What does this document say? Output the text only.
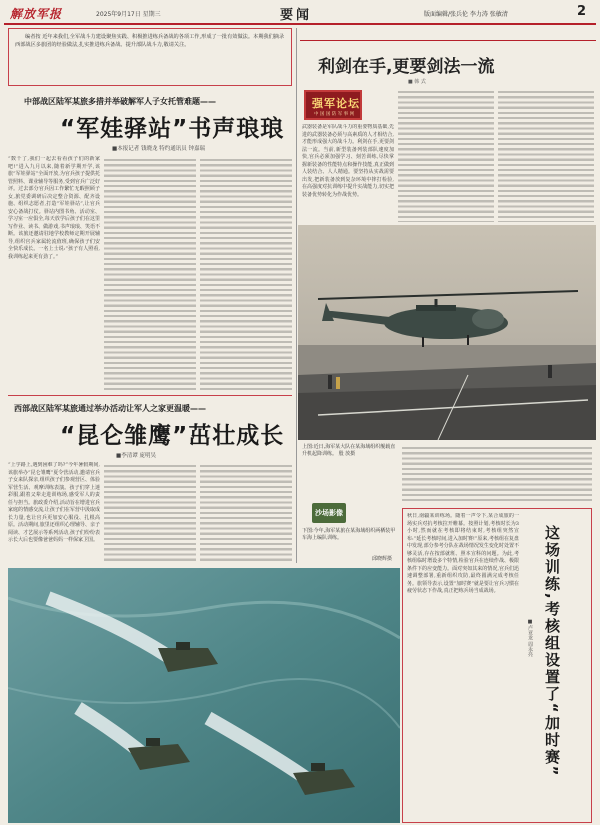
解放军报	2025年9月17日 星期三	要闻	版面编辑/张兵伦 李力涛 张敏清	2

编者按 近年来我们,全军战斗力建设聚焦实践、积极推进练兵备战的各项工作,形成了一批有效做法。本期我们摘录西部战区多旅团的经验做法,扎实推进练兵备战、提升部队战斗力,敬请关注。

中部战区陆军某旅多措并举破解军人子女托管难题——
“军娃驿站”书声琅琅
■本报记者 钱晓龙 特约通讯员 钟嘉瑞
“数千了,我们一起去看看孩子们的新家吧!”进入九月以来,随着新学期开学,该旅“军娃驿站”全面开放,为官兵孩子提供托管照料、课业辅导等服务,受到官兵广泛好评。过去部分官兵因工作繁忙无暇照顾子女,旅党委调研后决定整合资源、配齐设施、组织志愿者,打造“军娃驿站”,让官兵安心备战打仗。驿站内图书角、活动室、学习室一应俱全,每天放学后孩子们在这里写作业、读书、做游戏,书声琅琅、笑语不断。该旅还邀请驻地学校教师定期开展辅导,组织官兵家属轮流值班,确保孩子们安全快乐成长。一名上士说:“孩子有人照看,我训练起来更有劲了。”
西部战区陆军某旅通过举办活动让军人之家更温暖——
“昆仑雏鹰”茁壮成长
■李清谭 庞明吴
“上学路上,遇到困难了吗?”今年暑假期间,该旅举办“昆仑雏鹰”夏令营活动,邀请官兵子女来队探亲,组织孩子们参观营区、体验军营生活、观摩训练表演。孩子们穿上迷彩服,跟着父辈走进训练场,感受军人的责任与担当。旅政委介绍,活动旨在增进官兵家庭的情感交流,让孩子们在军营中汲取成长力量,也让官兵更加安心服役、扎根高原。活动期间,旅里还组织心理辅导、亲子阅读、才艺展示等系列活动,孩子们纷纷表示长大后也要像爸爸妈妈一样保家卫国。
利剑在手,更要剑法一流
■ 韩 式
强军论坛
中 国 国 防 军 事 网
武器装备是军队战斗力的重要物质基础,先进的武器装备必须与高素质的人才相结合,才能形成强大的战斗力。利剑在手,更要剑法一流。当前,新型装备列装部队速度加快,官兵必须加强学习、刻苦训练,尽快掌握新装备的性能特点和操作技能,真正做到人装结合、人人精通。要坚持从实战需要出发,把新装备放到复杂环境中摔打检验,在高强度对抗训练中提升实战能力,切实把装备优势转化为作战优势。
上图:近日,海军某大队在某海域组织舰载直升机起降训练。 殷 放摄
沙场影像
下图:今年,海军某旅在某海域组织两栖装甲车海上编队训练。
邱晓辉摄
秋日,南疆某训练场。随着一声令下,某合成旅的一场实兵对抗考核拉开帷幕。按照计划,考核时长为3小时,然而就在考核即将结束时,考核组突然宣布:“延长考核时间,进入加时赛!”原来,考核组在复盘中发现,部分参考分队在战场情况发生变化时处置不够灵活,存在按部就班、照本宣科的问题。为此,考核组临时增设多个特情,检验官兵在连续作战、极限条件下的应变能力。面对突如其来的情况,官兵们迅速调整部署,重新组织攻防,最终圆满完成考核任务。旅领导表示,设置“加时赛”就是要让官兵习惯在疲劳状态下作战,真正把练兵场当成战场。	这场训练,考核组设置了“加时赛”
■卢亚龙 周永亮
